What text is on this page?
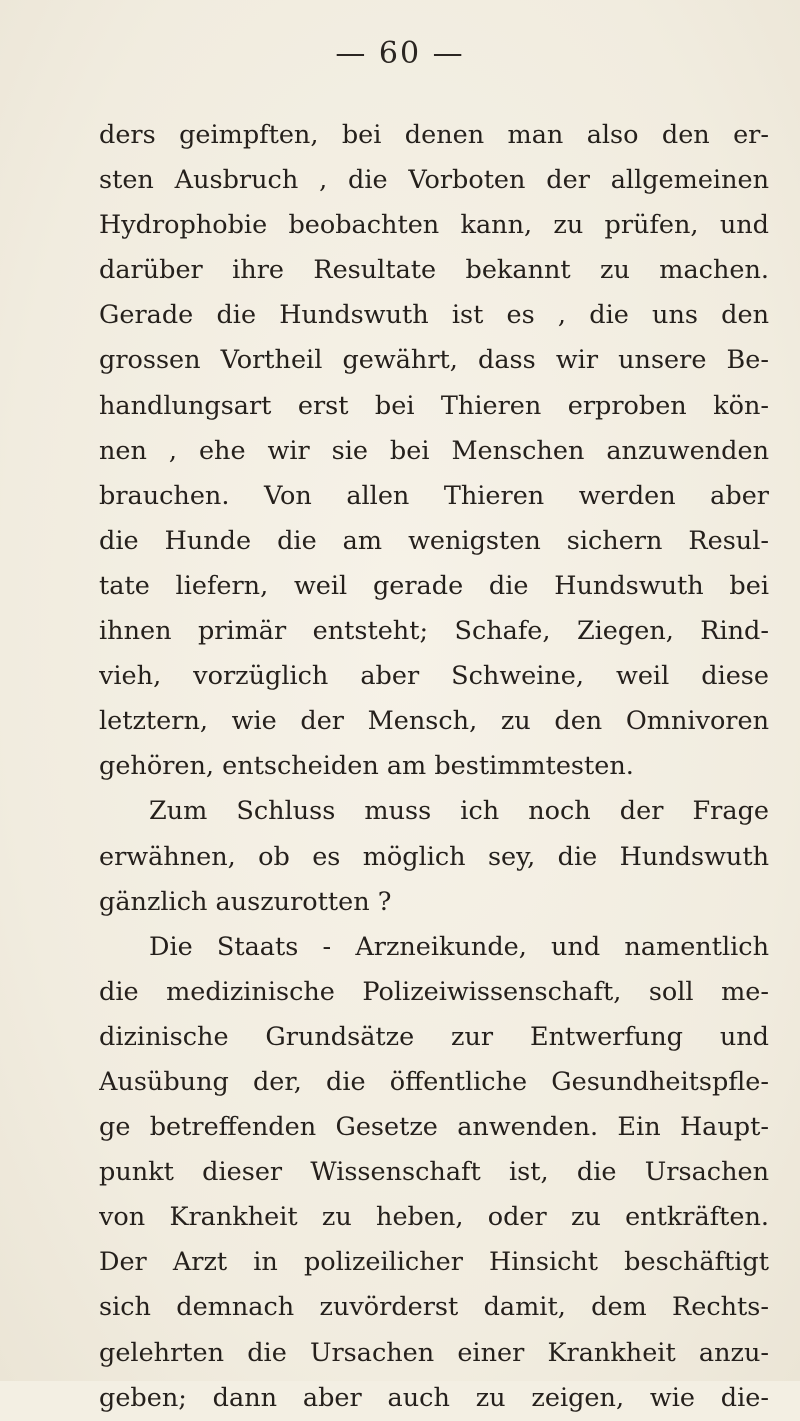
— 60 —
ders geimpften, bei denen man also den er-
sten Ausbruch , die Vorboten der allgemeinen
Hydrophobie beobachten kann, zu prüfen, und
darüber ihre Resultate bekannt zu machen.
Gerade die Hundswuth ist es , die uns den
grossen Vortheil gewährt, dass wir unsere Be-
handlungsart erst bei Thieren erproben kön-
nen , ehe wir sie bei Menschen anzuwenden
brauchen. Von allen Thieren werden aber
die Hunde die am wenigsten sichern Resul-
tate liefern, weil gerade die Hundswuth bei
ihnen primär entsteht; Schafe, Ziegen, Rind-
vieh, vorzüglich aber Schweine, weil diese
letztern, wie der Mensch, zu den Omnivoren
gehören, entscheiden am bestimmtesten.
Zum Schluss muss ich noch der Frage
erwähnen, ob es möglich sey, die Hundswuth
gänzlich auszurotten ?
Die Staats - Arzneikunde, und namentlich
die medizinische Polizeiwissenschaft, soll me-
dizinische Grundsätze zur Entwerfung und
Ausübung der, die öffentliche Gesundheitspfle-
ge betreffenden Gesetze anwenden. Ein Haupt-
punkt dieser Wissenschaft ist, die Ursachen
von Krankheit zu heben, oder zu entkräften.
Der Arzt in polizeilicher Hinsicht beschäftigt
sich demnach zuvörderst damit, dem Rechts-
gelehrten die Ursachen einer Krankheit anzu-
geben; dann aber auch zu zeigen, wie die-
